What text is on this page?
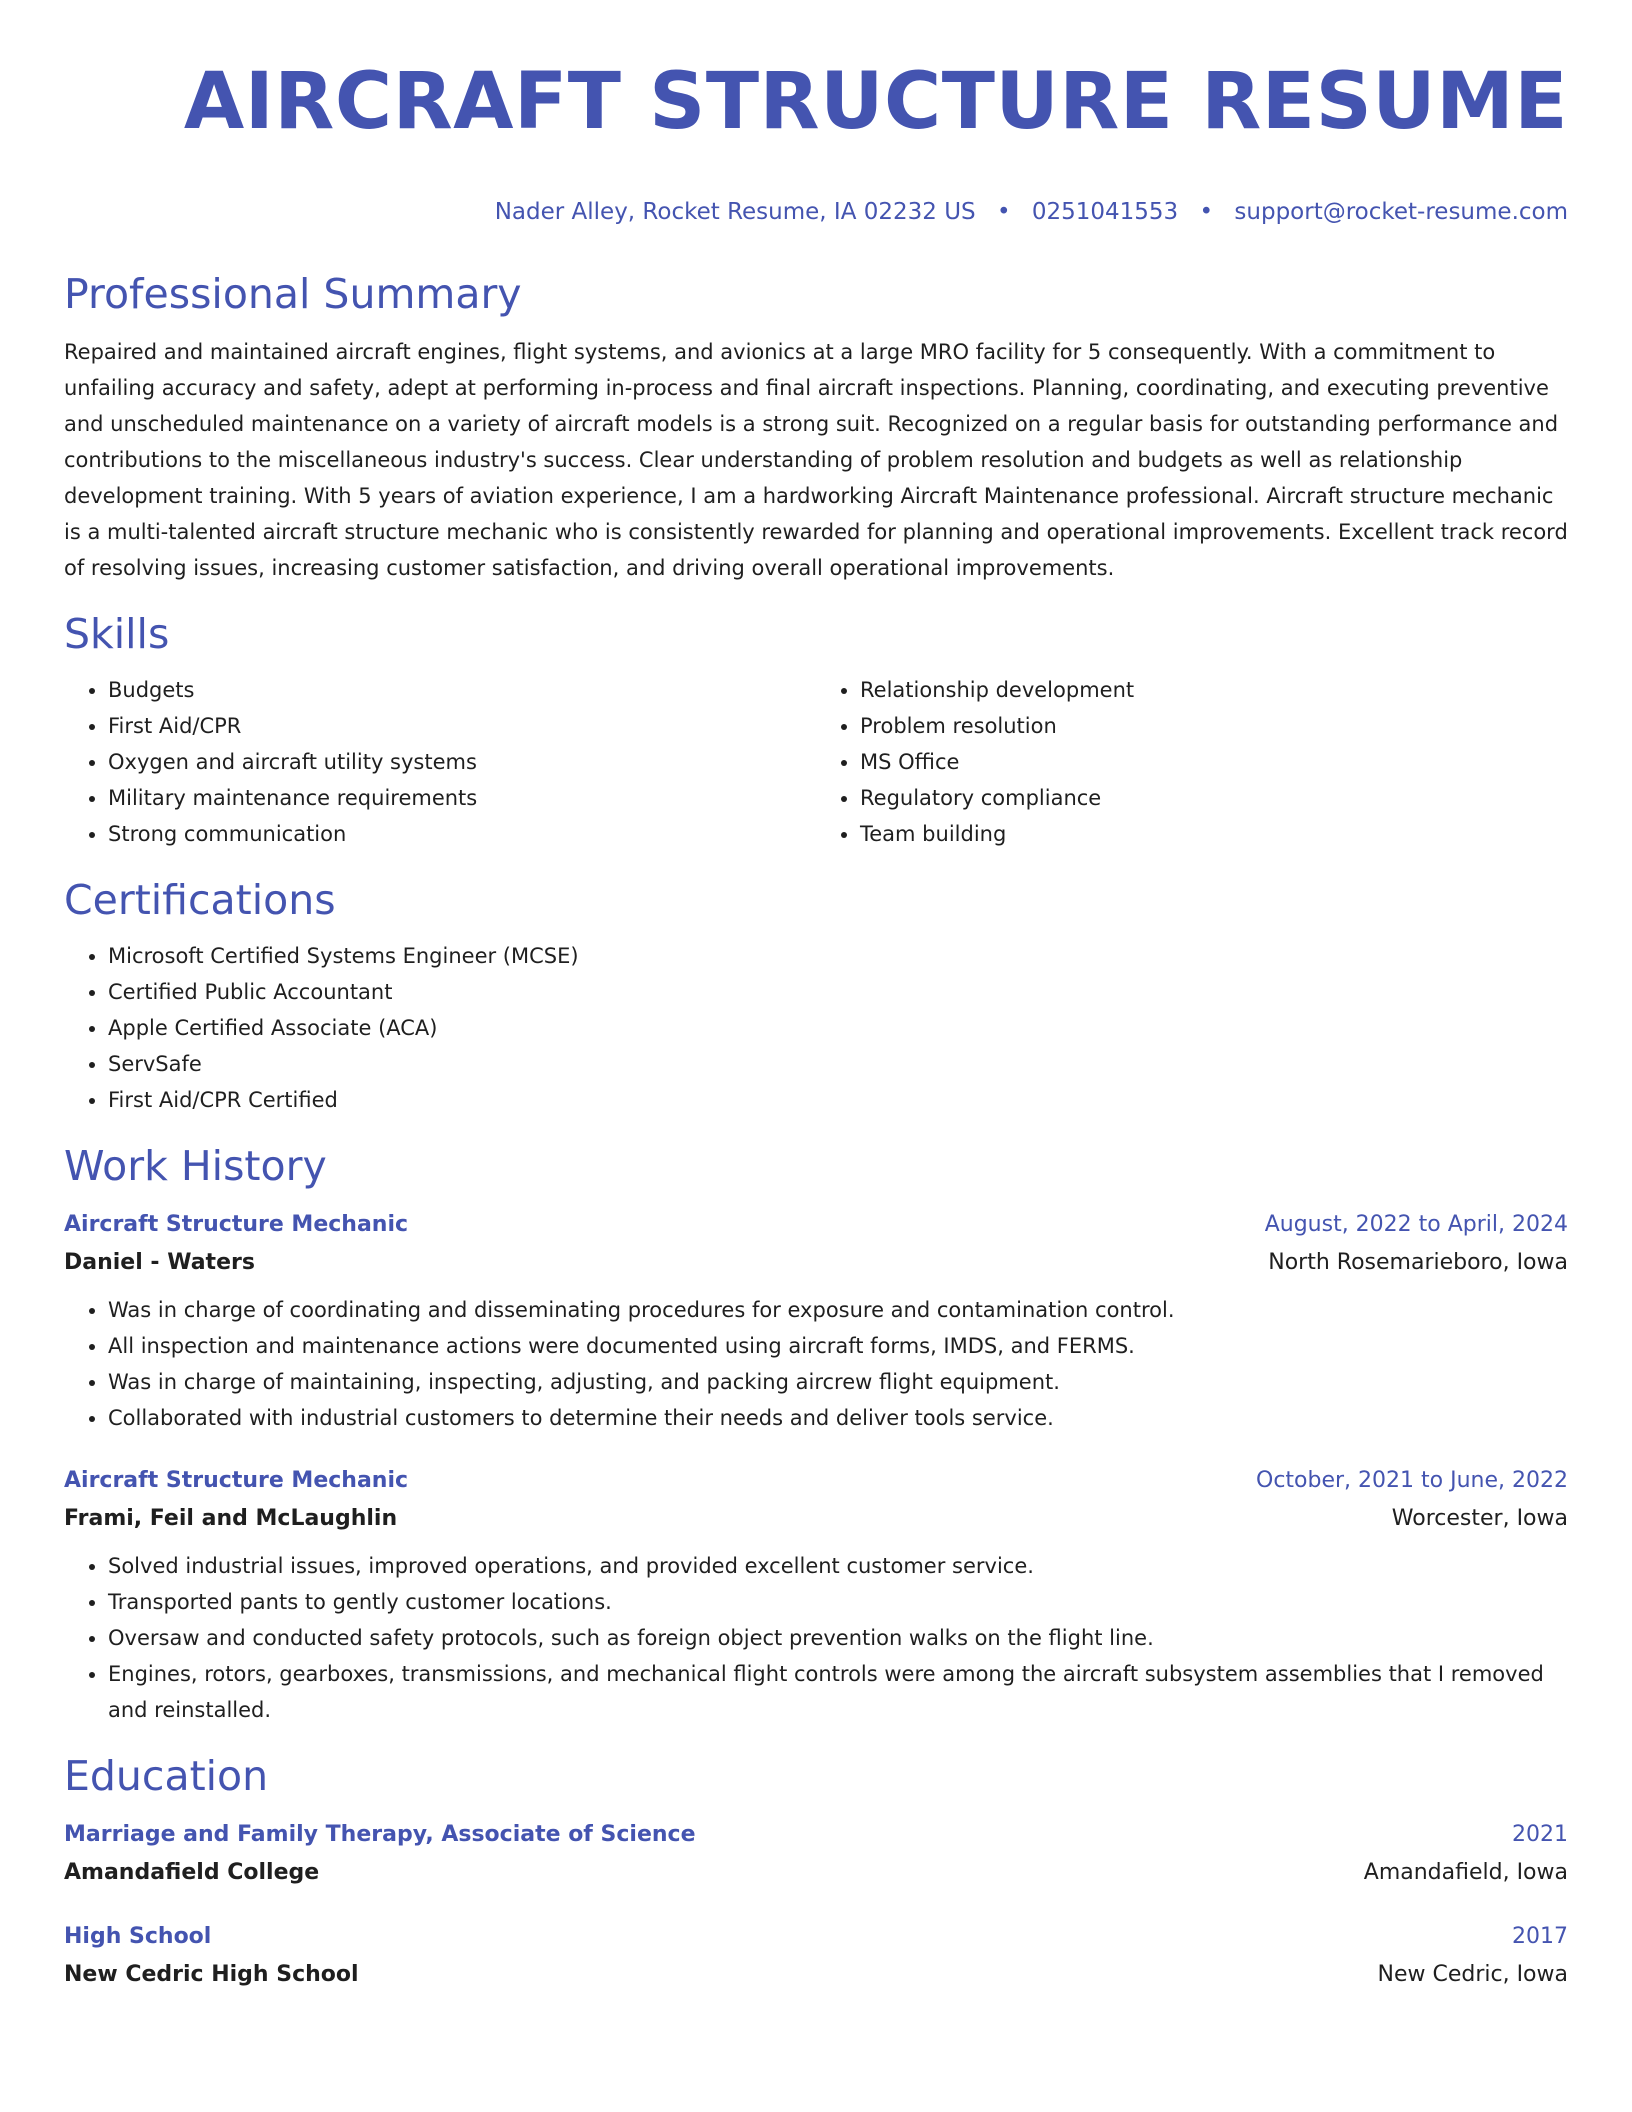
AIRCRAFT STRUCTURE RESUME
Nader Alley, Rocket Resume, IA 02232 US • 0251041553 • support@rocket-resume.com
Professional Summary

Repaired and maintained aircraft engines, flight systems, and avionics at a large MRO facility for 5 consequently. With a commitment to unfailing accuracy and safety, adept at performing in-process and final aircraft inspections. Planning, coordinating, and executing preventive and unscheduled maintenance on a variety of aircraft models is a strong suit. Recognized on a regular basis for outstanding performance and contributions to the miscellaneous industry's success. Clear understanding of problem resolution and budgets as well as relationship development training. With 5 years of aviation experience, I am a hardworking Aircraft Maintenance professional. Aircraft structure mechanic is a multi-talented aircraft structure mechanic who is consistently rewarded for planning and operational improvements. Excellent track record of resolving issues, increasing customer satisfaction, and driving overall operational improvements.

Skills
• Budgets
• First Aid/CPR
• Oxygen and aircraft utility systems
• Military maintenance requirements
• Strong communication
• Relationship development
• Problem resolution
• MS Office
• Regulatory compliance
• Team building
Certifications
• Microsoft Certified Systems Engineer (MCSE)
• Certified Public Accountant
• Apple Certified Associate (ACA)
• ServSafe
• First Aid/CPR Certified
Work History
Aircraft Structure Mechanic	August, 2022 to April, 2024
Daniel - Waters	North Rosemarieboro, Iowa
• Was in charge of coordinating and disseminating procedures for exposure and contamination control.
• All inspection and maintenance actions were documented using aircraft forms, IMDS, and FERMS.
• Was in charge of maintaining, inspecting, adjusting, and packing aircrew flight equipment.
• Collaborated with industrial customers to determine their needs and deliver tools service.
Aircraft Structure Mechanic	October, 2021 to June, 2022
Frami, Feil and McLaughlin	Worcester, Iowa
• Solved industrial issues, improved operations, and provided excellent customer service.
• Transported pants to gently customer locations.
• Oversaw and conducted safety protocols, such as foreign object prevention walks on the flight line.
• Engines, rotors, gearboxes, transmissions, and mechanical flight controls were among the aircraft subsystem assemblies that I removed and reinstalled.
Education
Marriage and Family Therapy, Associate of Science	2021
Amandafield College	Amandafield, Iowa
High School	2017
New Cedric High School	New Cedric, Iowa
